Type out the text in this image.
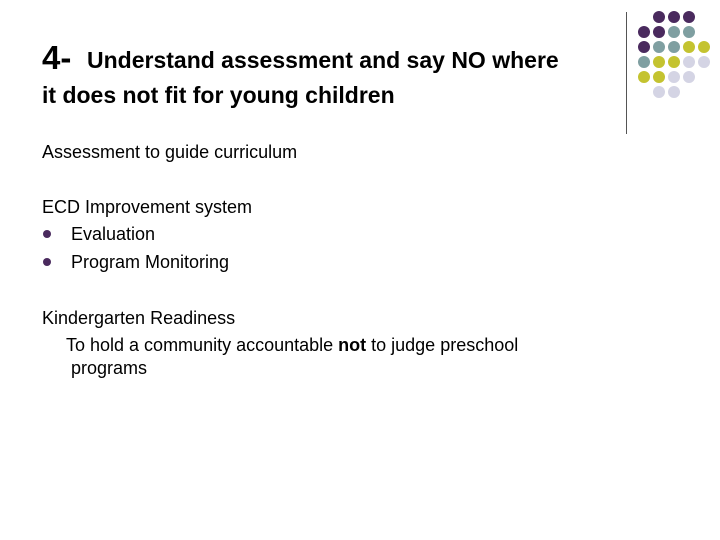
4- Understand assessment and say NO where
it does not fit for young children
Assessment to guide curriculum
ECD Improvement system
Evaluation
Program Monitoring
Kindergarten Readiness
To hold a community accountable not to judge preschool
programs
